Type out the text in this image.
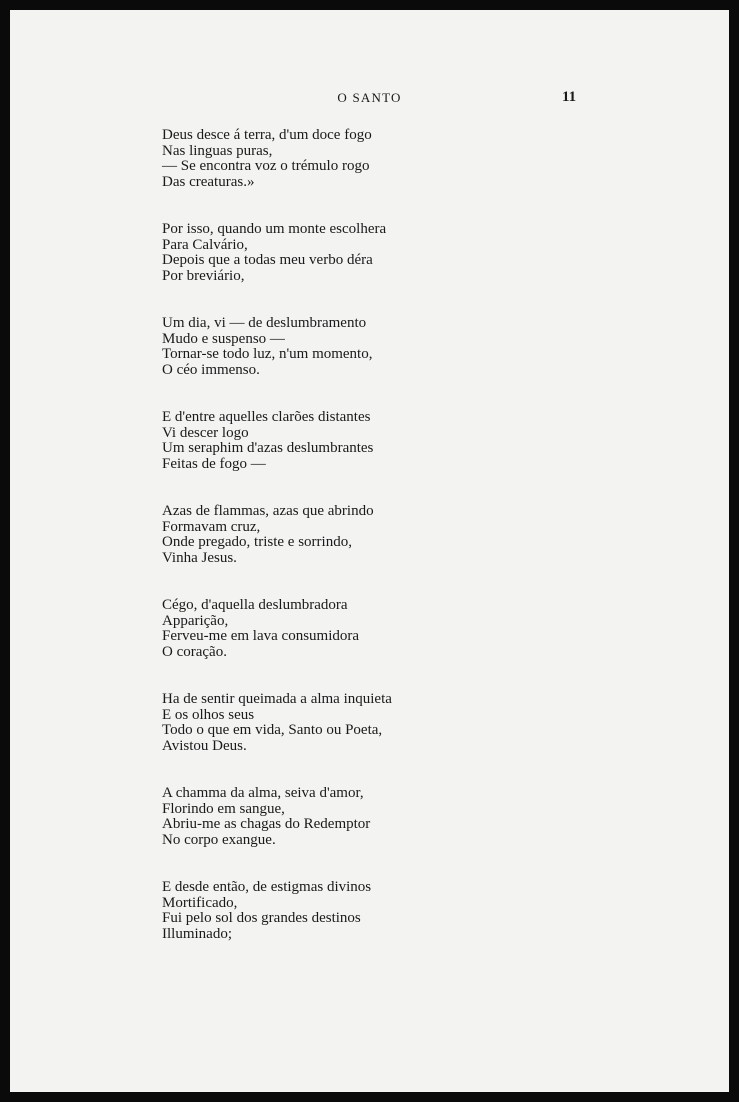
O SANTO	11
Deus desce á terra, d'um doce fogo
Nas linguas puras,
— Se encontra voz o trémulo rogo
Das creaturas.»
Por isso, quando um monte escolhera
Para Calvário,
Depois que a todas meu verbo déra
Por breviário,
Um dia, vi — de deslumbramento
Mudo e suspenso —
Tornar-se todo luz, n'um momento,
O céo immenso.
E d'entre aquelles clarões distantes
Vi descer logo
Um seraphim d'azas deslumbrantes
Feitas de fogo —
Azas de flammas, azas que abrindo
Formavam cruz,
Onde pregado, triste e sorrindo,
Vinha Jesus.
Cégo, d'aquella deslumbradora
Apparição,
Ferveu-me em lava consumidora
O coração.
Ha de sentir queimada a alma inquieta
E os olhos seus
Todo o que em vida, Santo ou Poeta,
Avistou Deus.
A chamma da alma, seiva d'amor,
Florindo em sangue,
Abriu-me as chagas do Redemptor
No corpo exangue.
E desde então, de estigmas divinos
Mortificado,
Fui pelo sol dos grandes destinos
Illuminado;
